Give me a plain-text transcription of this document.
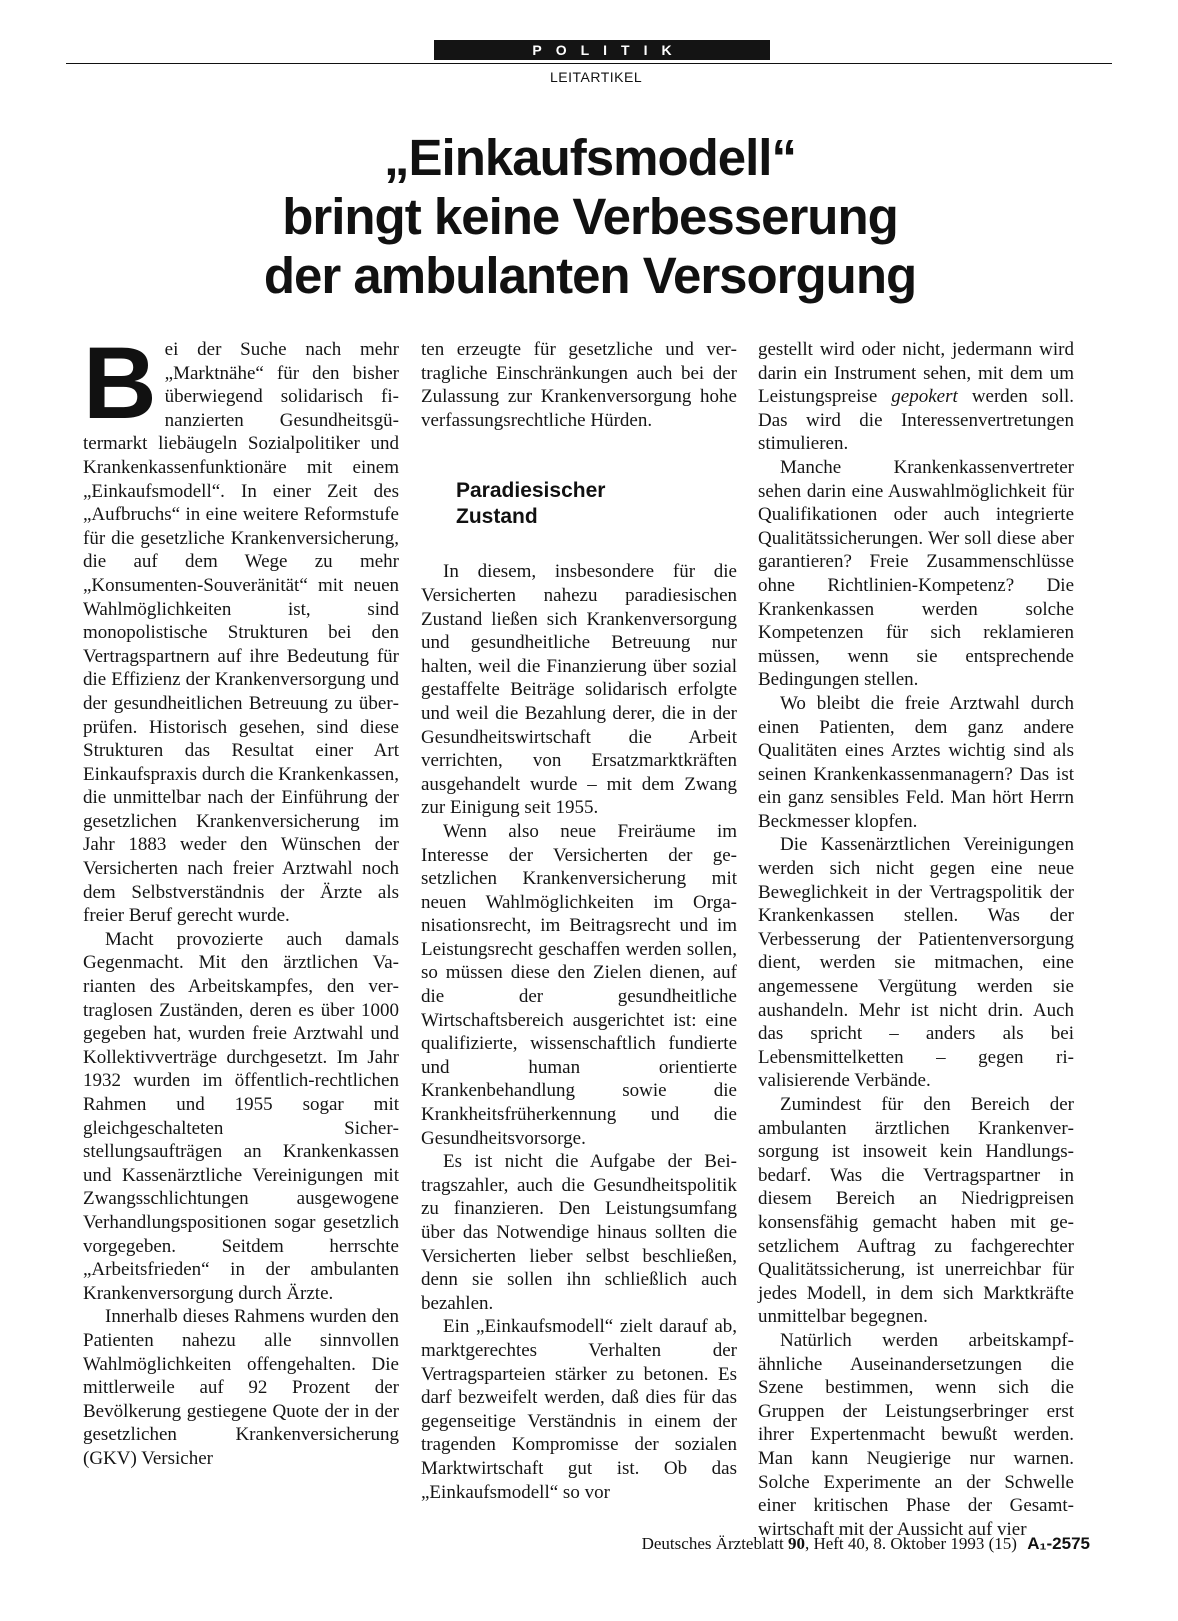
POLITIK
LEITARTIKEL
„Einkaufsmodell“
bringt keine Verbesserung
der ambulanten Versorgung

Bei der Suche nach mehr „Marktnähe“ für den bisher überwiegend solidarisch finanzierten Gesundheitsgütermarkt liebäugeln Sozialpolitiker und Krankenkassenfunktionäre mit einem „Einkaufsmodell“. In einer Zeit des „Aufbruchs“ in eine weitere Reformstufe für die gesetzliche Krankenversicherung, die auf dem Wege zu mehr „Konsumenten-Souveränität“ mit neuen Wahlmöglichkeiten ist, sind monopolistische Strukturen bei den Vertragspartnern auf ihre Bedeutung für die Effizienz der Krankenversorgung und der gesundheitlichen Betreuung zu überprüfen. Historisch gesehen, sind diese Strukturen das Resultat einer Art Einkaufspraxis durch die Krankenkassen, die unmittelbar nach der Einführung der gesetzlichen Krankenversicherung im Jahr 1883 weder den Wünschen der Versicherten nach freier Arztwahl noch dem Selbstverständnis der Ärzte als freier Beruf gerecht wurde.

Macht provozierte auch damals Gegenmacht. Mit den ärztlichen Varianten des Arbeitskampfes, den vertraglosen Zuständen, deren es über 1000 gegeben hat, wurden freie Arztwahl und Kollektivverträge durchgesetzt. Im Jahr 1932 wurden im öffentlich-rechtlichen Rahmen und 1955 sogar mit gleichgeschalteten Sicherstellungsaufträgen an Krankenkassen und Kassenärztliche Vereinigungen mit Zwangsschlichtungen ausgewogene Verhandlungspositionen sogar gesetzlich vorgegeben. Seitdem herrschte „Arbeitsfrieden“ in der ambulanten Krankenversorgung durch Ärzte.

Innerhalb dieses Rahmens wurden den Patienten nahezu alle sinnvollen Wahlmöglichkeiten offengehalten. Die mittlerweile auf 92 Prozent der Bevölkerung gestiegene Quote der in der gesetzlichen Krankenversicherung (GKV) Versicher

ten erzeugte für gesetzliche und vertragliche Einschränkungen auch bei der Zulassung zur Krankenversorgung hohe verfassungsrechtliche Hürden.

Paradiesischer
Zustand

In diesem, insbesondere für die Versicherten nahezu paradiesischen Zustand ließen sich Krankenversorgung und gesundheitliche Betreuung nur halten, weil die Finanzierung über sozial gestaffelte Beiträge solidarisch erfolgte und weil die Bezahlung derer, die in der Gesundheitswirtschaft die Arbeit verrichten, von Ersatzmarktkräften ausgehandelt wurde – mit dem Zwang zur Einigung seit 1955.

Wenn also neue Freiräume im Interesse der Versicherten der gesetzlichen Krankenversicherung mit neuen Wahlmöglichkeiten im Organisationsrecht, im Beitragsrecht und im Leistungsrecht geschaffen werden sollen, so müssen diese den Zielen dienen, auf die der gesundheitliche Wirtschaftsbereich ausgerichtet ist: eine qualifizierte, wissenschaftlich fundierte und human orientierte Krankenbehandlung sowie die Krankheitsfrüherkennung und die Gesundheitsvorsorge.

Es ist nicht die Aufgabe der Beitragszahler, auch die Gesundheitspolitik zu finanzieren. Den Leistungsumfang über das Notwendige hinaus sollten die Versicherten lieber selbst beschließen, denn sie sollen ihn schließlich auch bezahlen.

Ein „Einkaufsmodell“ zielt darauf ab, marktgerechtes Verhalten der Vertragsparteien stärker zu betonen. Es darf bezweifelt werden, daß dies für das gegenseitige Verständnis in einem der tragenden Kompromisse der sozialen Marktwirtschaft gut ist. Ob das „Einkaufsmodell“ so vor

gestellt wird oder nicht, jedermann wird darin ein Instrument sehen, mit dem um Leistungspreise gepokert werden soll. Das wird die Interessenvertretungen stimulieren.

Manche Krankenkassenvertreter sehen darin eine Auswahlmöglichkeit für Qualifikationen oder auch integrierte Qualitätssicherungen. Wer soll diese aber garantieren? Freie Zusammenschlüsse ohne Richtlinien-Kompetenz? Die Krankenkassen werden solche Kompetenzen für sich reklamieren müssen, wenn sie entsprechende Bedingungen stellen.

Wo bleibt die freie Arztwahl durch einen Patienten, dem ganz andere Qualitäten eines Arztes wichtig sind als seinen Krankenkassenmanagern? Das ist ein ganz sensibles Feld. Man hört Herrn Beckmesser klopfen.

Die Kassenärztlichen Vereinigungen werden sich nicht gegen eine neue Beweglichkeit in der Vertragspolitik der Krankenkassen stellen. Was der Verbesserung der Patientenversorgung dient, werden sie mitmachen, eine angemessene Vergütung werden sie aushandeln. Mehr ist nicht drin. Auch das spricht – anders als bei Lebensmittelketten – gegen rivalisierende Verbände.

Zumindest für den Bereich der ambulanten ärztlichen Krankenversorgung ist insoweit kein Handlungsbedarf. Was die Vertragspartner in diesem Bereich an Niedrigpreisen konsensfähig gemacht haben mit gesetzlichem Auftrag zu fachgerechter Qualitätssicherung, ist unerreichbar für jedes Modell, in dem sich Marktkräfte unmittelbar begegnen.

Natürlich werden arbeitskampfähnliche Auseinandersetzungen die Szene bestimmen, wenn sich die Gruppen der Leistungserbringer erst ihrer Expertenmacht bewußt werden. Man kann Neugierige nur warnen. Solche Experimente an der Schwelle einer kritischen Phase der Gesamtwirtschaft mit der Aussicht auf vier

Deutsches Ärzteblatt 90, Heft 40, 8. Oktober 1993 (15) A₁-2575
